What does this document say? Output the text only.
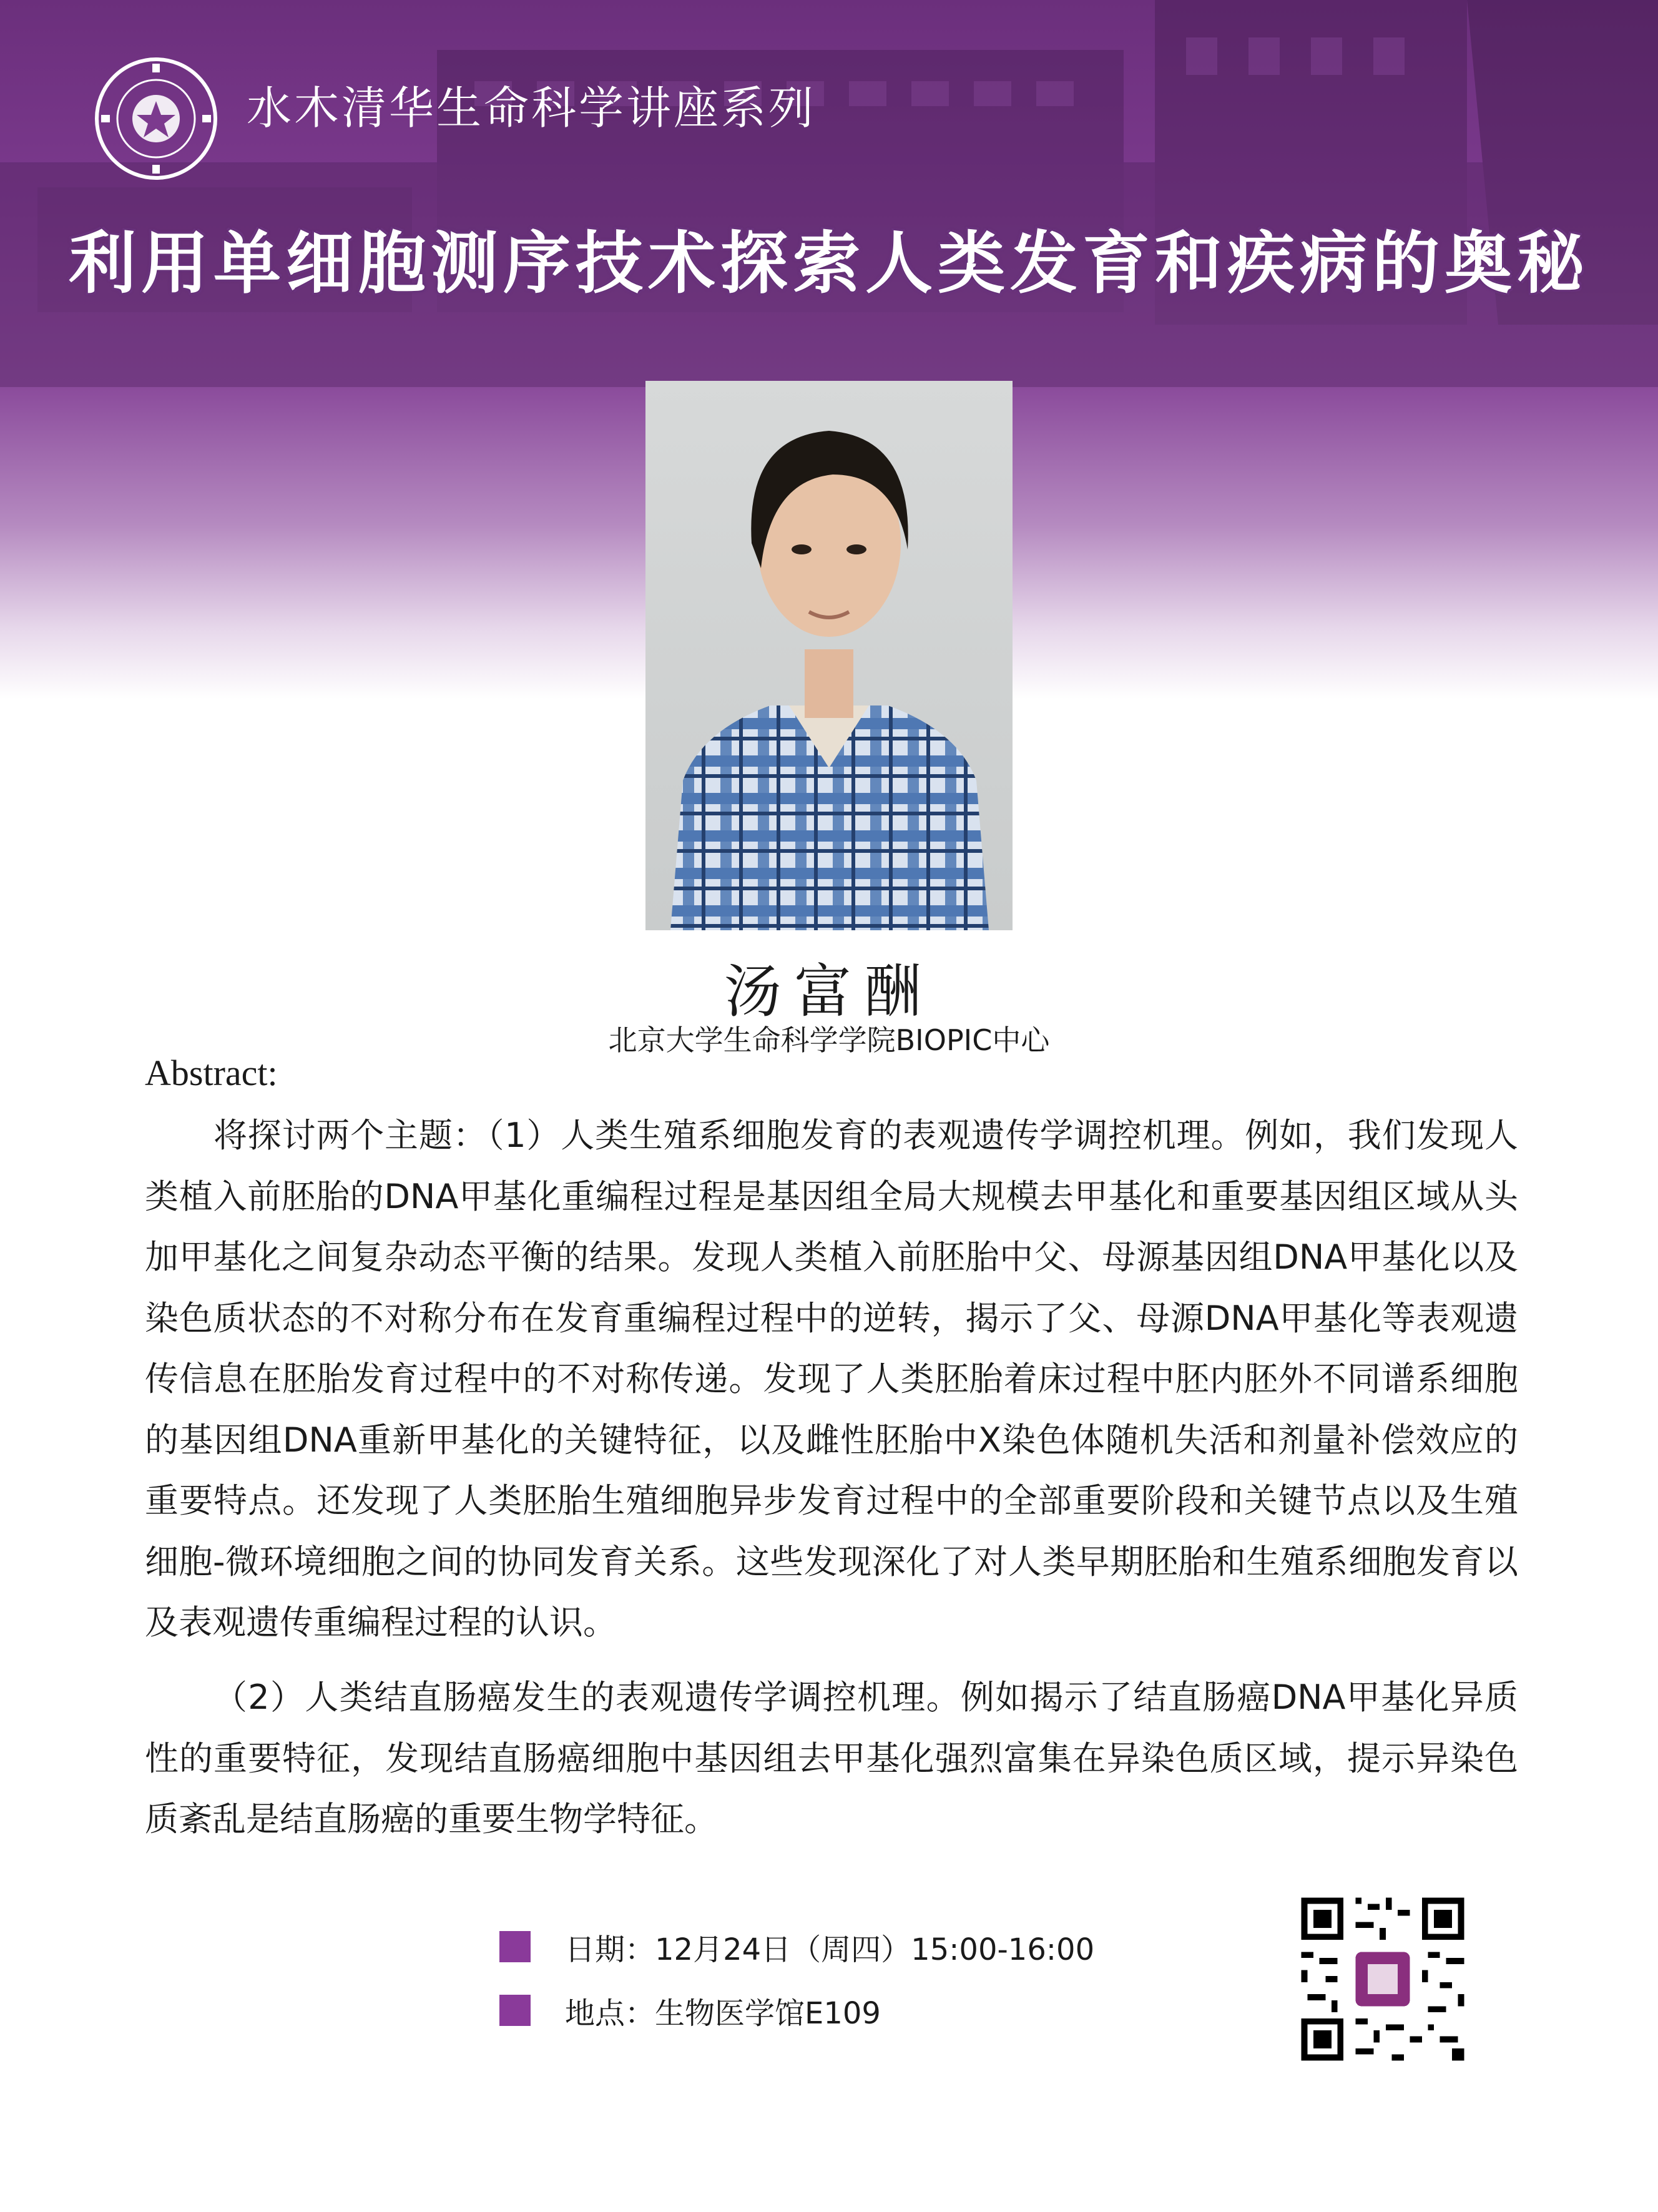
水木清华生命科学讲座系列
利用单细胞测序技术探索人类发育和疾病的奥秘
汤富酬
北京大学生命科学学院BIOPIC中心
Abstract:

将探讨两个主题：（1）人类生殖系细胞发育的表观遗传学调控机理。例如，我们发现人类植入前胚胎的DNA甲基化重编程过程是基因组全局大规模去甲基化和重要基因组区域从头加甲基化之间复杂动态平衡的结果。发现人类植入前胚胎中父、母源基因组DNA甲基化以及染色质状态的不对称分布在发育重编程过程中的逆转，揭示了父、母源DNA甲基化等表观遗传信息在胚胎发育过程中的不对称传递。发现了人类胚胎着床过程中胚内胚外不同谱系细胞的基因组DNA重新甲基化的关键特征，以及雌性胚胎中X染色体随机失活和剂量补偿效应的重要特点。还发现了人类胚胎生殖细胞异步发育过程中的全部重要阶段和关键节点以及生殖细胞-微环境细胞之间的协同发育关系。这些发现深化了对人类早期胚胎和生殖系细胞发育以及表观遗传重编程过程的认识。

（2）人类结直肠癌发生的表观遗传学调控机理。例如揭示了结直肠癌DNA甲基化异质性的重要特征，发现结直肠癌细胞中基因组去甲基化强烈富集在异染色质区域，提示异染色质紊乱是结直肠癌的重要生物学特征。

日期：12月24日（周四）15:00-16:00
地点：生物医学馆E109
